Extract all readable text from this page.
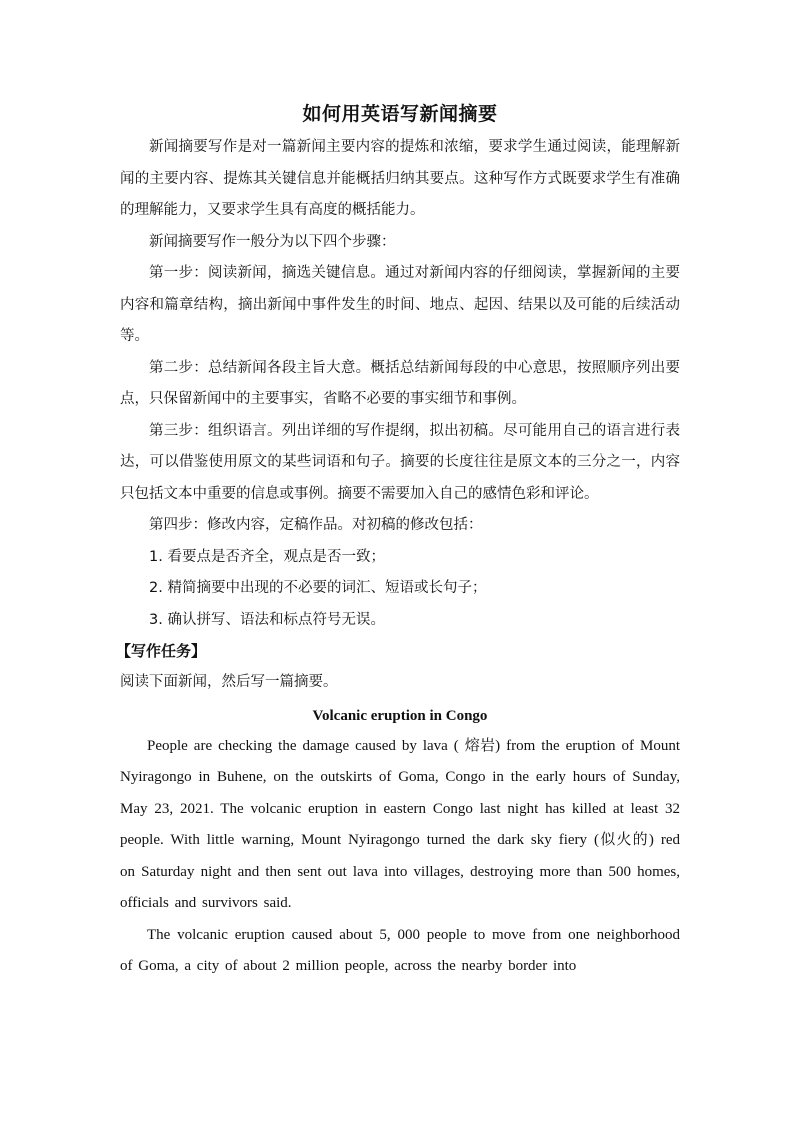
如何用英语写新闻摘要

新闻摘要写作是对一篇新闻主要内容的提炼和浓缩，要求学生通过阅读，能理解新闻的主要内容、提炼其关键信息并能概括归纳其要点。这种写作方式既要求学生有准确的理解能力，又要求学生具有高度的概括能力。

新闻摘要写作一般分为以下四个步骤：

第一步：阅读新闻，摘选关键信息。通过对新闻内容的仔细阅读，掌握新闻的主要内容和篇章结构，摘出新闻中事件发生的时间、地点、起因、结果以及可能的后续活动等。

第二步：总结新闻各段主旨大意。概括总结新闻每段的中心意思，按照顺序列出要点，只保留新闻中的主要事实，省略不必要的事实细节和事例。

第三步：组织语言。列出详细的写作提纲，拟出初稿。尽可能用自己的语言进行表达，可以借鉴使用原文的某些词语和句子。摘要的长度往往是原文本的三分之一，内容只包括文本中重要的信息或事例。摘要不需要加入自己的感情色彩和评论。

第四步：修改内容，定稿作品。对初稿的修改包括：

1. 看要点是否齐全，观点是否一致；

2. 精简摘要中出现的不必要的词汇、短语或长句子；

3. 确认拼写、语法和标点符号无误。

【写作任务】

阅读下面新闻，然后写一篇摘要。

Volcanic eruption in Congo

People are checking the damage caused by lava ( 熔岩) from the eruption of Mount Nyiragongo in Buhene, on the outskirts of Goma, Congo in the early hours of Sunday, May 23, 2021. The volcanic eruption in eastern Congo last night has killed at least 32 people. With little warning, Mount Nyiragongo turned the dark sky fiery (似火的) red on Saturday night and then sent out lava into villages, destroying more than 500 homes, officials and survivors said.

The volcanic eruption caused about 5, 000 people to move from one neighborhood of Goma, a city of about 2 million people, across the nearby border into
